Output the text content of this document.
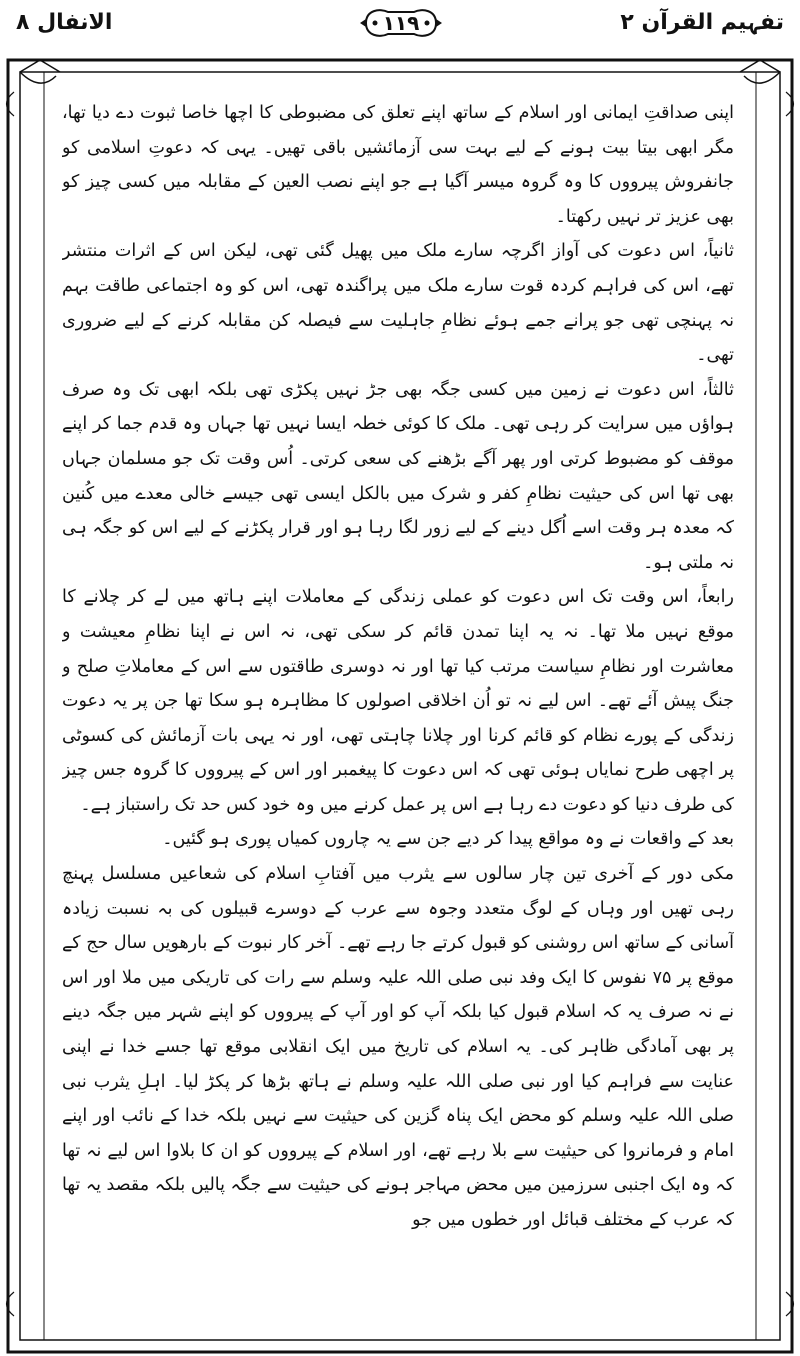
تفہیم القرآن ۲
۱۱۹
الانفال ۸

اپنی صداقتِ ایمانی اور اسلام کے ساتھ اپنے تعلق کی مضبوطی کا اچھا خاصا ثبوت دے دیا تھا، مگر ابھی بیتا بیت ہونے کے لیے بہت سی آزمائشیں باقی تھیں۔ یہی کہ دعوتِ اسلامی کو جانفروش پیرووں کا وہ گروہ میسر آگیا ہے جو اپنے نصب العین کے مقابلہ میں کسی چیز کو بھی عزیز تر نہیں رکھتا۔

ثانیاً، اس دعوت کی آواز اگرچہ سارے ملک میں پھیل گئی تھی، لیکن اس کے اثرات منتشر تھے، اس کی فراہم کردہ قوت سارے ملک میں پراگندہ تھی، اس کو وہ اجتماعی طاقت بہم نہ پہنچی تھی جو پرانے جمے ہوئے نظامِ جاہلیت سے فیصلہ کن مقابلہ کرنے کے لیے ضروری تھی۔

ثالثاً، اس دعوت نے زمین میں کسی جگہ بھی جڑ نہیں پکڑی تھی بلکہ ابھی تک وہ صرف ہواؤں میں سرایت کر رہی تھی۔ ملک کا کوئی خطہ ایسا نہیں تھا جہاں وہ قدم جما کر اپنے موقف کو مضبوط کرتی اور پھر آگے بڑھنے کی سعی کرتی۔ اُس وقت تک جو مسلمان جہاں بھی تھا اس کی حیثیت نظامِ کفر و شرک میں بالکل ایسی تھی جیسے خالی معدے میں کُنین کہ معدہ ہر وقت اسے اُگل دینے کے لیے زور لگا رہا ہو اور قرار پکڑنے کے لیے اس کو جگہ ہی نہ ملتی ہو۔

رابعاً، اس وقت تک اس دعوت کو عملی زندگی کے معاملات اپنے ہاتھ میں لے کر چلانے کا موقع نہیں ملا تھا۔ نہ یہ اپنا تمدن قائم کر سکی تھی، نہ اس نے اپنا نظامِ معیشت و معاشرت اور نظامِ سیاست مرتب کیا تھا اور نہ دوسری طاقتوں سے اس کے معاملاتِ صلح و جنگ پیش آئے تھے۔ اس لیے نہ تو اُن اخلاقی اصولوں کا مظاہرہ ہو سکا تھا جن پر یہ دعوت زندگی کے پورے نظام کو قائم کرنا اور چلانا چاہتی تھی، اور نہ یہی بات آزمائش کی کسوٹی پر اچھی طرح نمایاں ہوئی تھی کہ اس دعوت کا پیغمبر اور اس کے پیرووں کا گروہ جس چیز کی طرف دنیا کو دعوت دے رہا ہے اس پر عمل کرنے میں وہ خود کس حد تک راستباز ہے۔

بعد کے واقعات نے وہ مواقع پیدا کر دیے جن سے یہ چاروں کمیاں پوری ہو گئیں۔

مکی دور کے آخری تین چار سالوں سے یثرب میں آفتابِ اسلام کی شعاعیں مسلسل پہنچ رہی تھیں اور وہاں کے لوگ متعدد وجوہ سے عرب کے دوسرے قبیلوں کی بہ نسبت زیادہ آسانی کے ساتھ اس روشنی کو قبول کرتے جا رہے تھے۔ آخر کار نبوت کے بارھویں سال حج کے موقع پر ۷۵ نفوس کا ایک وفد نبی صلی اللہ علیہ وسلم سے رات کی تاریکی میں ملا اور اس نے نہ صرف یہ کہ اسلام قبول کیا بلکہ آپ کو اور آپ کے پیرووں کو اپنے شہر میں جگہ دینے پر بھی آمادگی ظاہر کی۔ یہ اسلام کی تاریخ میں ایک انقلابی موقع تھا جسے خدا نے اپنی عنایت سے فراہم کیا اور نبی صلی اللہ علیہ وسلم نے ہاتھ بڑھا کر پکڑ لیا۔ اہلِ یثرب نبی صلی اللہ علیہ وسلم کو محض ایک پناہ گزین کی حیثیت سے نہیں بلکہ خدا کے نائب اور اپنے امام و فرمانروا کی حیثیت سے بلا رہے تھے، اور اسلام کے پیرووں کو ان کا بلاوا اس لیے نہ تھا کہ وہ ایک اجنبی سرزمین میں محض مہاجر ہونے کی حیثیت سے جگہ پالیں بلکہ مقصد یہ تھا کہ عرب کے مختلف قبائل اور خطوں میں جو
